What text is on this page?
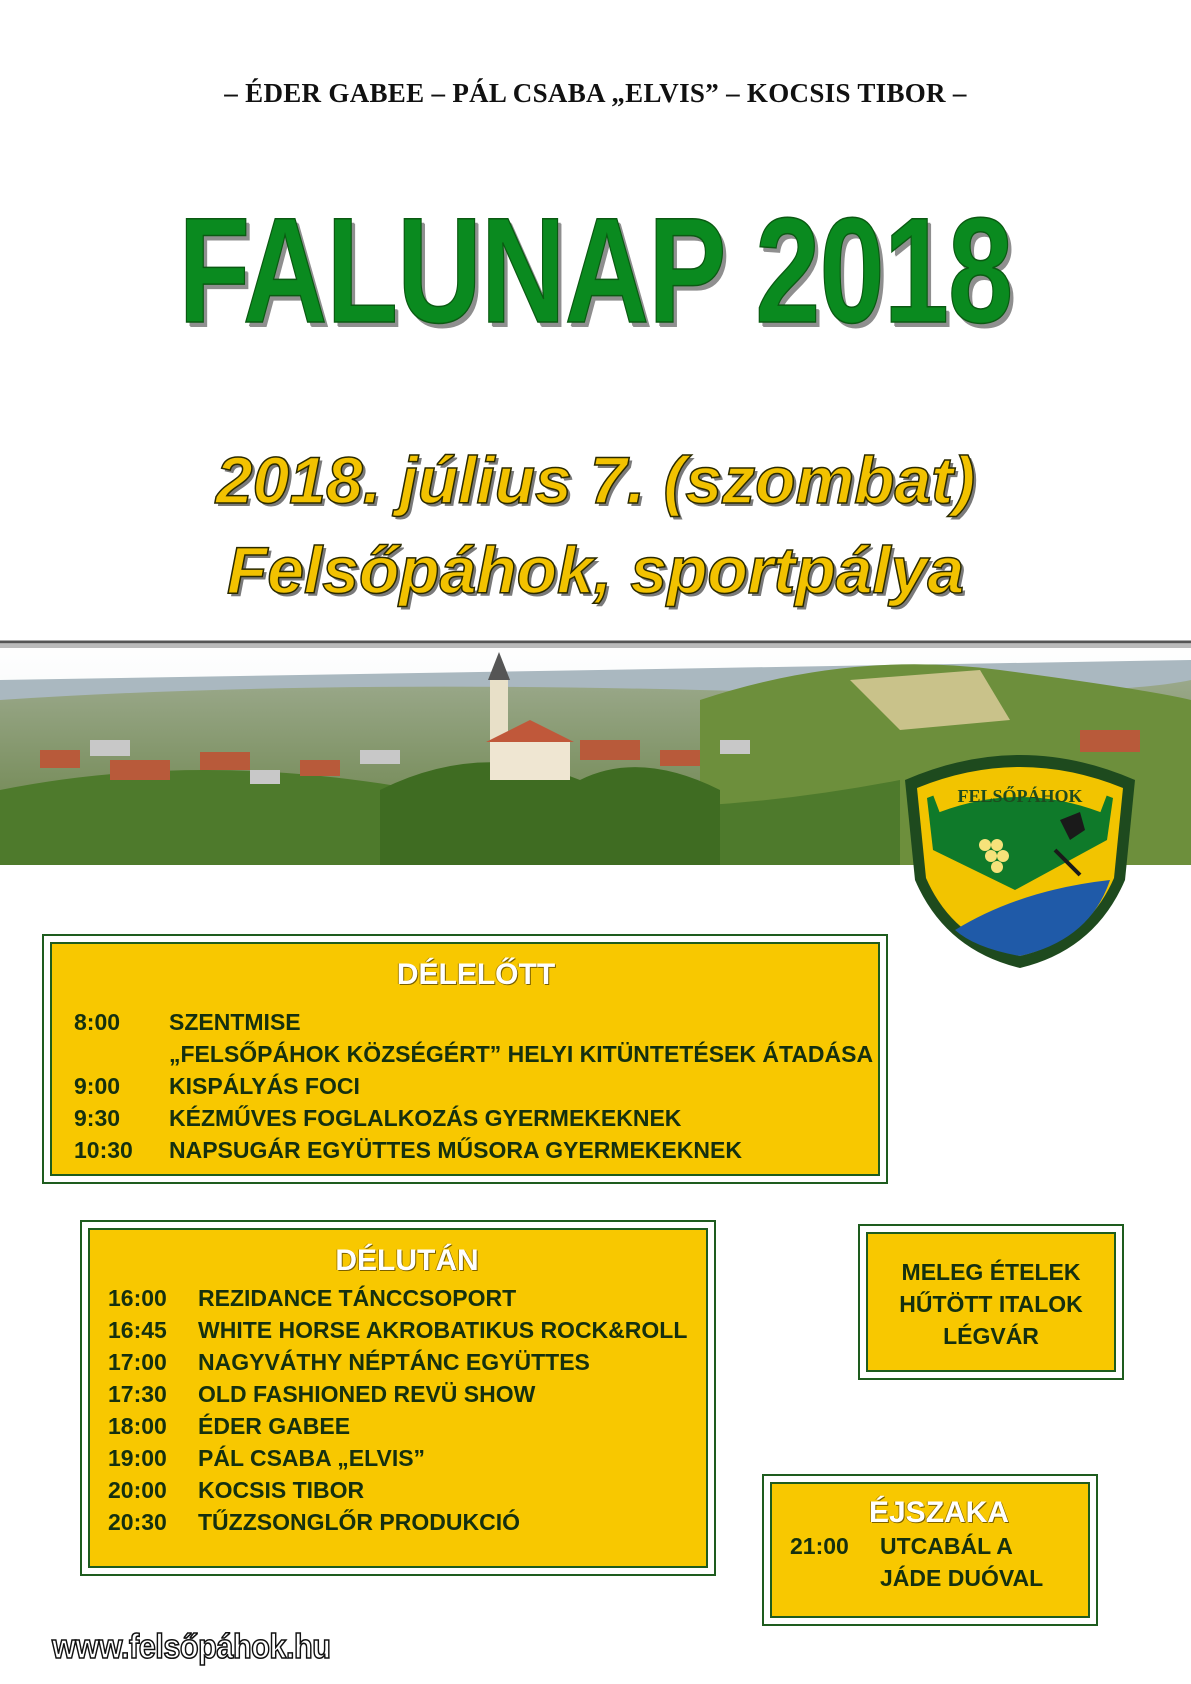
– ÉDER GABEE – PÁL CSABA „ELVIS” – KOCSIS TIBOR –
FALUNAP 2018
2018. július 7. (szombat)
Felsőpáhok, sportpálya
FELSŐPÁHOK
DÉLELŐTT
8:00	SZENTMISE
„FELSŐPÁHOK KÖZSÉGÉRT” HELYI KITÜNTETÉSEK ÁTADÁSA
9:00	KISPÁLYÁS FOCI
9:30	KÉZMŰVES FOGLALKOZÁS GYERMEKEKNEK
10:30	NAPSUGÁR EGYÜTTES MŰSORA GYERMEKEKNEK
DÉLUTÁN
16:00	REZIDANCE TÁNCCSOPORT
16:45	WHITE HORSE AKROBATIKUS ROCK&ROLL
17:00	NAGYVÁTHY NÉPTÁNC EGYÜTTES
17:30	OLD FASHIONED REVÜ SHOW
18:00	ÉDER GABEE
19:00	PÁL CSABA „ELVIS”
20:00	KOCSIS TIBOR
20:30	TŰZZSONGLŐR PRODUKCIÓ
MELEG ÉTELEK
HŰTÖTT ITALOK
LÉGVÁR
ÉJSZAKA
21:00	UTCABÁL A
JÁDE DUÓVAL
www.felsőpáhok.hu
